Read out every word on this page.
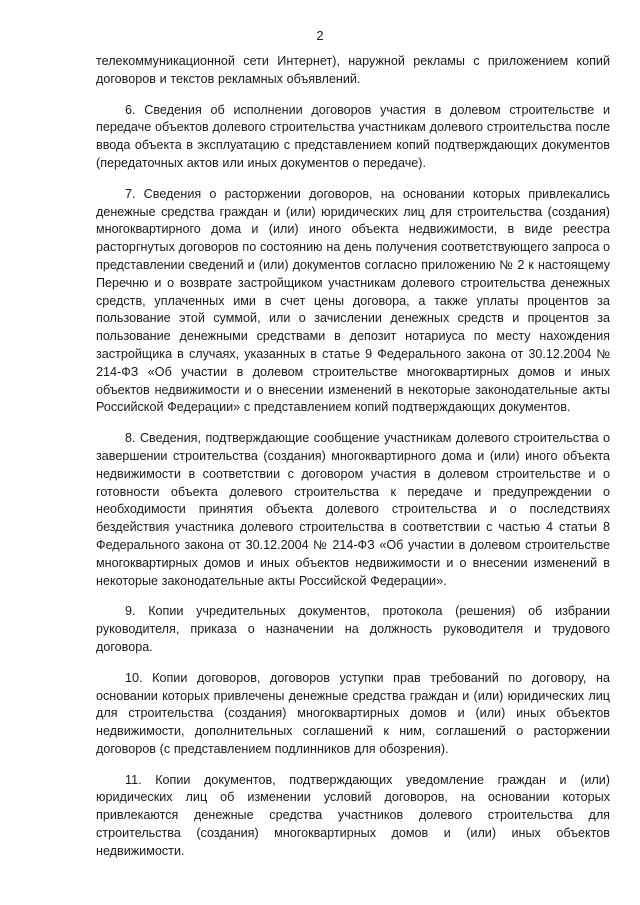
2

телекоммуникационной сети Интернет), наружной рекламы с приложением копий договоров и текстов рекламных объявлений.

6. Сведения об исполнении договоров участия в долевом строительстве и передаче объектов долевого строительства участникам долевого строительства после ввода объекта в эксплуатацию с представлением копий подтверждающих документов (передаточных актов или иных документов о передаче).

7. Сведения о расторжении договоров, на основании которых привлекались денежные средства граждан и (или) юридических лиц для строительства (создания) многоквартирного дома и (или) иного объекта недвижимости, в виде реестра расторгнутых договоров по состоянию на день получения соответствующего запроса о представлении сведений и (или) документов согласно приложению № 2 к настоящему Перечню и о возврате застройщиком участникам долевого строительства денежных средств, уплаченных ими в счет цены договора, а также уплаты процентов за пользование этой суммой, или о зачислении денежных средств и процентов за пользование денежными средствами в депозит нотариуса по месту нахождения застройщика в случаях, указанных в статье 9 Федерального закона от 30.12.2004 № 214-ФЗ «Об участии в долевом строительстве многоквартирных домов и иных объектов недвижимости и о внесении изменений в некоторые законодательные акты Российской Федерации» с представлением копий подтверждающих документов.

8. Сведения, подтверждающие сообщение участникам долевого строительства о завершении строительства (создания) многоквартирного дома и (или) иного объекта недвижимости в соответствии с договором участия в долевом строительстве и о готовности объекта долевого строительства к передаче и предупреждении о необходимости принятия объекта долевого строительства и о последствиях бездействия участника долевого строительства в соответствии с частью 4 статьи 8 Федерального закона от 30.12.2004 № 214-ФЗ «Об участии в долевом строительстве многоквартирных домов и иных объектов недвижимости и о внесении изменений в некоторые законодательные акты Российской Федерации».

9. Копии учредительных документов, протокола (решения) об избрании руководителя, приказа о назначении на должность руководителя и трудового договора.

10. Копии договоров, договоров уступки прав требований по договору, на основании которых привлечены денежные средства граждан и (или) юридических лиц для строительства (создания) многоквартирных домов и (или) иных объектов недвижимости, дополнительных соглашений к ним, соглашений о расторжении договоров (с представлением подлинников для обозрения).

11. Копии документов, подтверждающих уведомление граждан и (или) юридических лиц об изменении условий договоров, на основании которых привлекаются денежные средства участников долевого строительства для строительства (создания) многоквартирных домов и (или) иных объектов недвижимости.
